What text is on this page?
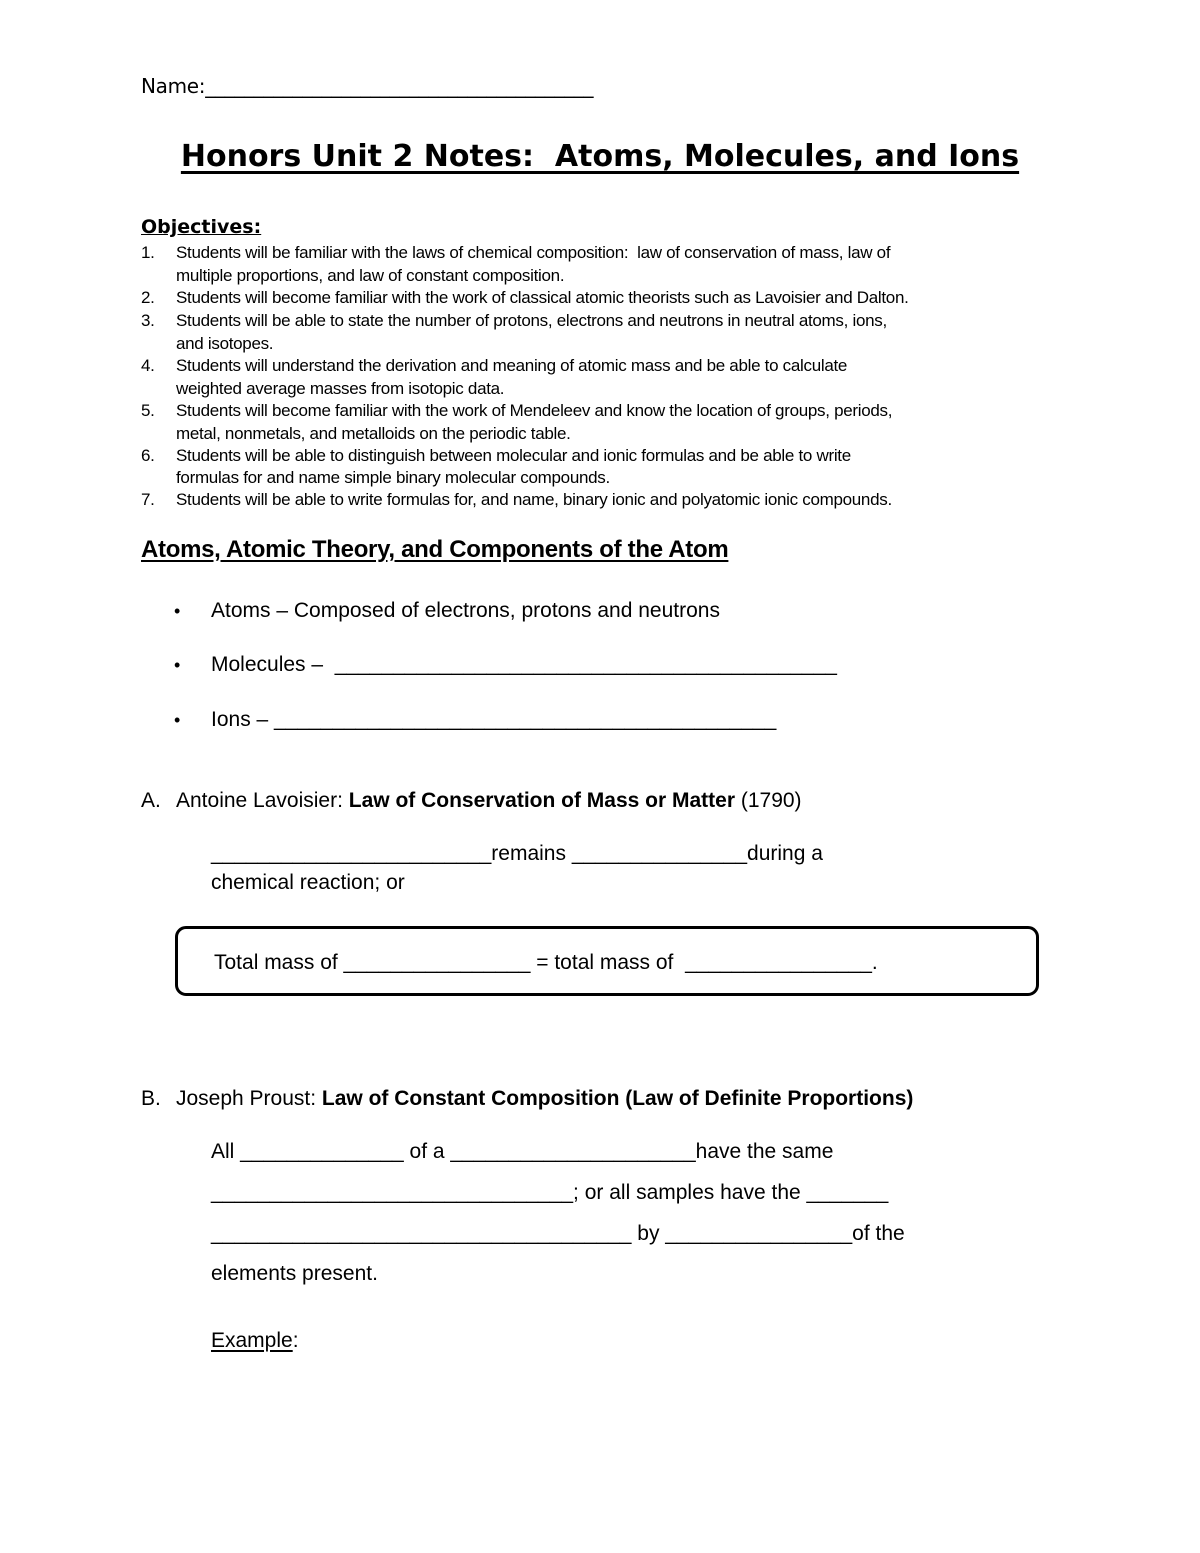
Name:________________________________________
Honors Unit 2 Notes:  Atoms, Molecules, and Ions
Objectives:
1.	Students will be familiar with the laws of chemical composition:  law of conservation of mass, law of
multiple proportions, and law of constant composition.
2.	Students will become familiar with the work of classical atomic theorists such as Lavoisier and Dalton.
3.	Students will be able to state the number of protons, electrons and neutrons in neutral atoms, ions,
and isotopes.
4.	Students will understand the derivation and meaning of atomic mass and be able to calculate
weighted average masses from isotopic data.
5.	Students will become familiar with the work of Mendeleev and know the location of groups, periods,
metal, nonmetals, and metalloids on the periodic table.
6.	Students will be able to distinguish between molecular and ionic formulas and be able to write
formulas for and name simple binary molecular compounds.
7.	Students will be able to write formulas for, and name, binary ionic and polyatomic ionic compounds.
Atoms, Atomic Theory, and Components of the Atom
• Atoms – Composed of electrons, protons and neutrons
• Molecules –  ___________________________________________
• Ions – ___________________________________________
A. Antoine Lavoisier: Law of Conservation of Mass or Matter (1790)
________________________remains _______________during a
chemical reaction; or
Total mass of ________________ = total mass of  ________________.
B. Joseph Proust: Law of Constant Composition (Law of Definite Proportions)
All ______________ of a _____________________have the same
_______________________________; or all samples have the _______
____________________________________ by ________________of the
elements present.
Example:
